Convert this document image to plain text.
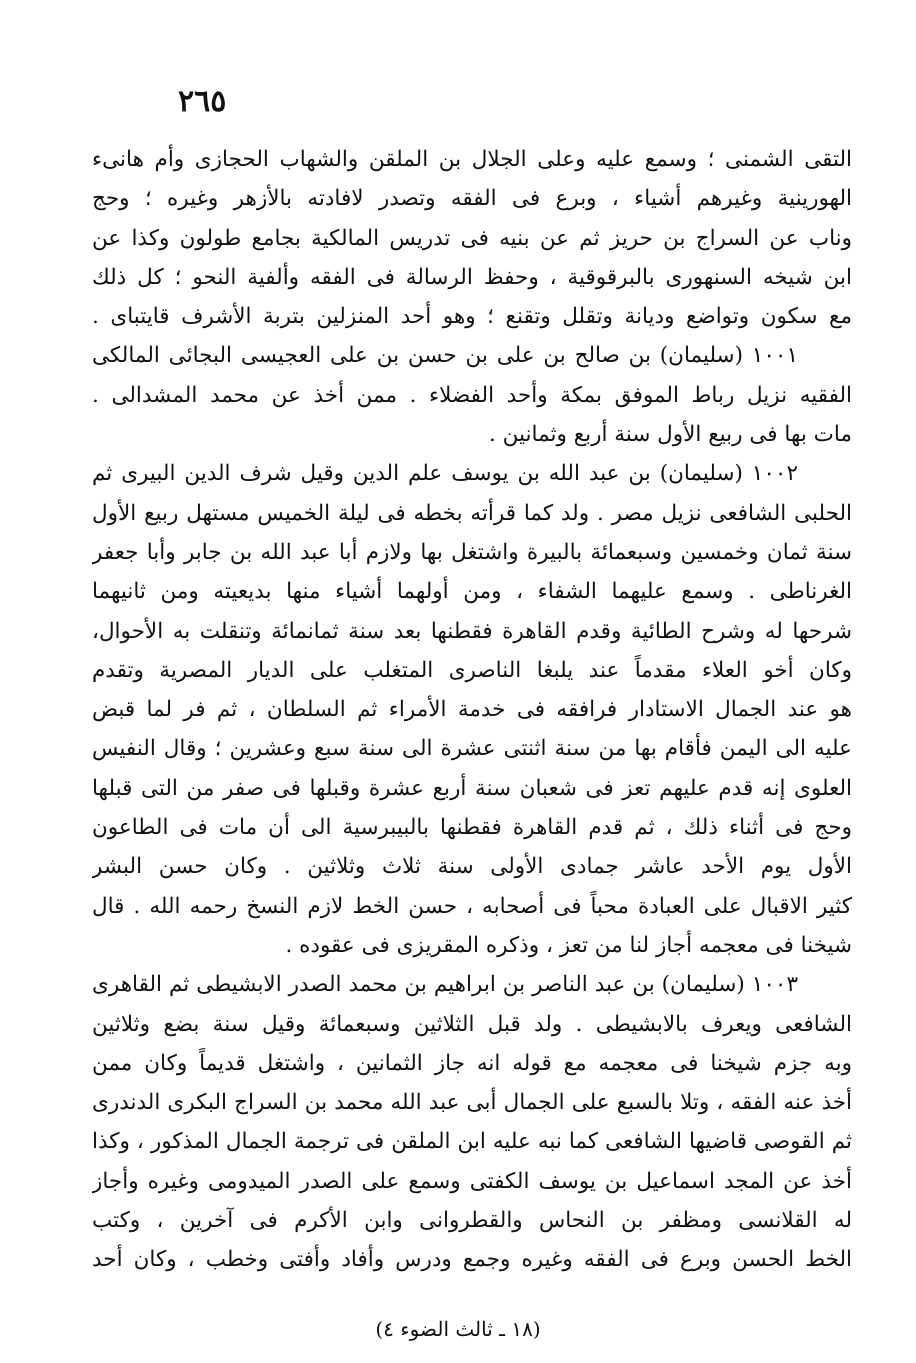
٢٦٥
التقى الشمنى ؛ وسمع عليه وعلى الجلال بن الملقن والشهاب الحجازى وأم هانىء
الهورينية وغيرهم أشياء ، وبرع فى الفقه وتصدر لافادته بالأزهر وغيره ؛ وحج
وناب عن السراج بن حريز ثم عن بنيه فى تدريس المالكية بجامع طولون وكذا عن
ابن شيخه السنهورى بالبرقوقية ، وحفظ الرسالة فى الفقه وألفية النحو ؛ كل ذلك
مع سكون وتواضع وديانة وتقلل وتقنع ؛ وهو أحد المنزلين بتربة الأشرف قايتباى .
١٠٠١ (سليمان) بن صالح بن على بن حسن بن على العجيسى البجائى المالكى
الفقيه نزيل رباط الموفق بمكة وأحد الفضلاء . ممن أخذ عن محمد المشدالى .
مات بها فى ربيع الأول سنة أربع وثمانين .
١٠٠٢ (سليمان) بن عبد الله بن يوسف علم الدين وقيل شرف الدين البيرى ثم
الحلبى الشافعى نزيل مصر . ولد كما قرأته بخطه فى ليلة الخميس مستهل ربيع الأول
سنة ثمان وخمسين وسبعمائة بالبيرة واشتغل بها ولازم أبا عبد الله بن جابر وأبا جعفر
الغرناطى . وسمع عليهما الشفاء ، ومن أولهما أشياء منها بديعيته ومن ثانيهما
شرحها له وشرح الطائية وقدم القاهرة فقطنها بعد سنة ثمانمائة وتنقلت به الأحوال،
وكان أخو العلاء مقدماً عند يلبغا الناصرى المتغلب على الديار المصرية وتقدم
هو عند الجمال الاستادار فرافقه فى خدمة الأمراء ثم السلطان ، ثم فر لما قبض
عليه الى اليمن فأقام بها من سنة اثنتى عشرة الى سنة سبع وعشرين ؛ وقال النفيس
العلوى إنه قدم عليهم تعز فى شعبان سنة أربع عشرة وقبلها فى صفر من التى قبلها
وحج فى أثناء ذلك ، ثم قدم القاهرة فقطنها بالبيبرسية الى أن مات فى الطاعون
الأول يوم الأحد عاشر جمادى الأولى سنة ثلاث وثلاثين . وكان حسن البشر
كثير الاقبال على العبادة محباً فى أصحابه ، حسن الخط لازم النسخ رحمه الله . قال
شيخنا فى معجمه أجاز لنا من تعز ، وذكره المقريزى فى عقوده .
١٠٠٣ (سليمان) بن عبد الناصر بن ابراهيم بن محمد الصدر الابشيطى ثم القاهرى
الشافعى ويعرف بالابشيطى . ولد قبل الثلاثين وسبعمائة وقيل سنة بضع وثلاثين
وبه جزم شيخنا فى معجمه مع قوله انه جاز الثمانين ، واشتغل قديماً وكان ممن
أخذ عنه الفقه ، وتلا بالسبع على الجمال أبى عبد الله محمد بن السراج البكرى الدندرى
ثم القوصى قاضيها الشافعى كما نبه عليه ابن الملقن فى ترجمة الجمال المذكور ، وكذا
أخذ عن المجد اسماعيل بن يوسف الكفتى وسمع على الصدر الميدومى وغيره وأجاز
له القلانسى ومظفر بن النحاس والقطروانى وابن الأكرم فى آخرين ، وكتب
الخط الحسن وبرع فى الفقه وغيره وجمع ودرس وأفاد وأفتى وخطب ، وكان أحد
(١٨ ـ ثالث الضوء ٤)
